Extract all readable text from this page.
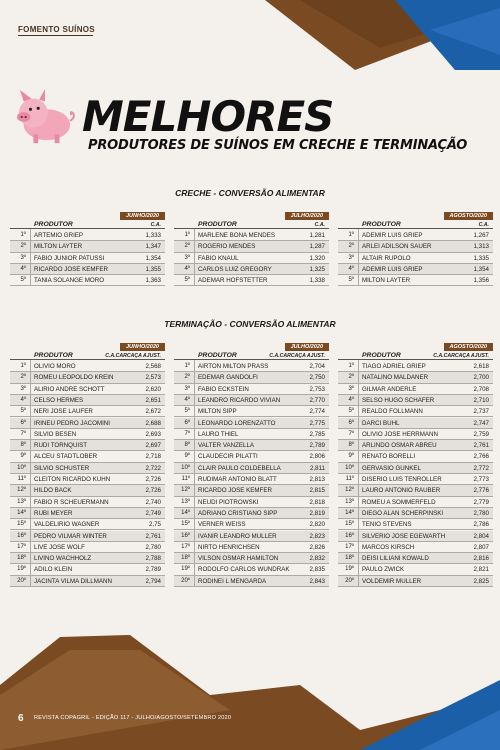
FOMENTO SUÍNOS
MELHORES
PRODUTORES DE SUÍNOS EM CRECHE E TERMINAÇÃO
CRECHE - CONVERSÃO ALIMENTAR
JUNHO/2020
PRODUTOR	C.A.
1º ARTEMIO GRIEP	1,333
2º MILTON LAYTER	1,347
3º FABIO JUNIOR PATUSSI	1,354
4º RICARDO JOSE KEMFER	1,355
5º TANIA SOLANGE MORO	1,363
JULHO/2020
PRODUTOR	C.A.
1º MARLENE BONA MENDES	1,281
2º ROGERIO MENDES	1,287
3º FABIO KNAUL	1,320
4º CARLOS LUIZ GREGORY	1,325
5º ADEMAR HOFSTETTER	1,338
AGOSTO/2020
PRODUTOR	C.A.
1º ADEMIR LUIS GRIEP	1,267
2º ARLEI ADILSON SAUER	1,313
3º ALTAIR RUPOLO	1,335
4º ADEMIR LUIS GRIEP	1,354
5º MILTON LAYTER	1,356
TERMINAÇÃO - CONVERSÃO ALIMENTAR
JUNHO/2020
PRODUTOR	C.A.CARCAÇA AJUST.
1º OLIVIO MORO	2,568
2º ROMEU LEOPOLDO KREIN	2,573
3º ALIRIO ANDRE SCHOTT	2,620
4º CELSO HERMES	2,651
5º NERI JOSE LAUFER	2,672
6º IRINEU PEDRO JACOMINI	2,688
7º SILVIO BESEN	2,693
8º RUDI TORNQUIST	2,697
9º ALCEU STADTLOBER	2,718
10º SILVIO SCHUSTER	2,722
11º CLEITON RICARDO KUHN	2,726
12º HILDO BACK	2,726
13º FABIO R SCHEUERMANN	2,740
14º RUBI MEYER	2,749
15º VALDELIRIO WAGNER	2,75
16º PEDRO VILMAR WINTER	2,761
17º LIVE JOSE WOLF	2,780
18º LIVINO WACHHOLZ	2,788
19º ADILO KLEIN	2,789
20º JACINTA VILMA DILLMANN	2,794
JULHO/2020
PRODUTOR	C.A.CARCAÇA AJUST.
1º AIRTON MILTON PRASS	2,704
2º EDEMAR GANDOLFI	2,750
3º FABIO ECKSTEIN	2,753
4º LEANDRO RICARDO VIVIAN	2,770
5º MILTON SIPP	2,774
6º LEONARDO LORENZATTO	2,775
7º LAURO THIEL	2,785
8º VALTER VANZELLA	2,789
9º CLAUDECIR PILATTI	2,806
10º CLAIR PAULO COLDEBELLA	2,811
11º RUDIMAR ANTONIO BLATT	2,813
12º RICARDO JOSE KEMFER	2,815
13º NEUDI PIOTROWSKI	2,818
14º ADRIANO CRISTIANO SIPP	2,819
15º VERNER WEISS	2,820
16º IVANIR LEANDRO MULLER	2,823
17º NIRTO HENRICHSEN	2,826
18º VILSON OSMAR HAMILTON	2,832
19º RODOLFO CARLOS WUNDRAK	2,835
20º RODINEI L MENGARDA	2,843
AGOSTO/2020
PRODUTOR	C.A.CARCAÇA AJUST.
1º TIAGO ADRIEL GRIEP	2,618
2º NATALINO MALDANER	2,700
3º GILMAR ANDERLE	2,708
4º SELSO HUGO SCHAFER	2,710
5º REALDO FOLLMANN	2,737
6º DARCI BUHL	2,747
7º OLIVIO JOSE HERRMANN	2,759
8º ARLINDO OSMAR ABREU	2,761
9º RENATO BORELLI	2,766
10º GERVASIO GUNKEL	2,772
11º DISERIO LUIS TENROLLER	2,773
12º LAURO ANTONIO RAUBER	2,776
13º ROMEU A SOMMERFELD	2,779
14º DIEGO ALAN SCHERPINSKI	2,780
15º TENIO STEVENS	2,786
16º SILVERIO JOSE EGEWARTH	2,804
17º MARCOS KIRSCH	2,807
18º DEISI LILIANI KOWALD	2,816
19º PAULO ZWICK	2,821
20º VOLDEMIR MULLER	2,825
6 REVISTA COPAGRIL - EDIÇÃO 117 - JULHO/AGOSTO/SETEMBRO 2020
